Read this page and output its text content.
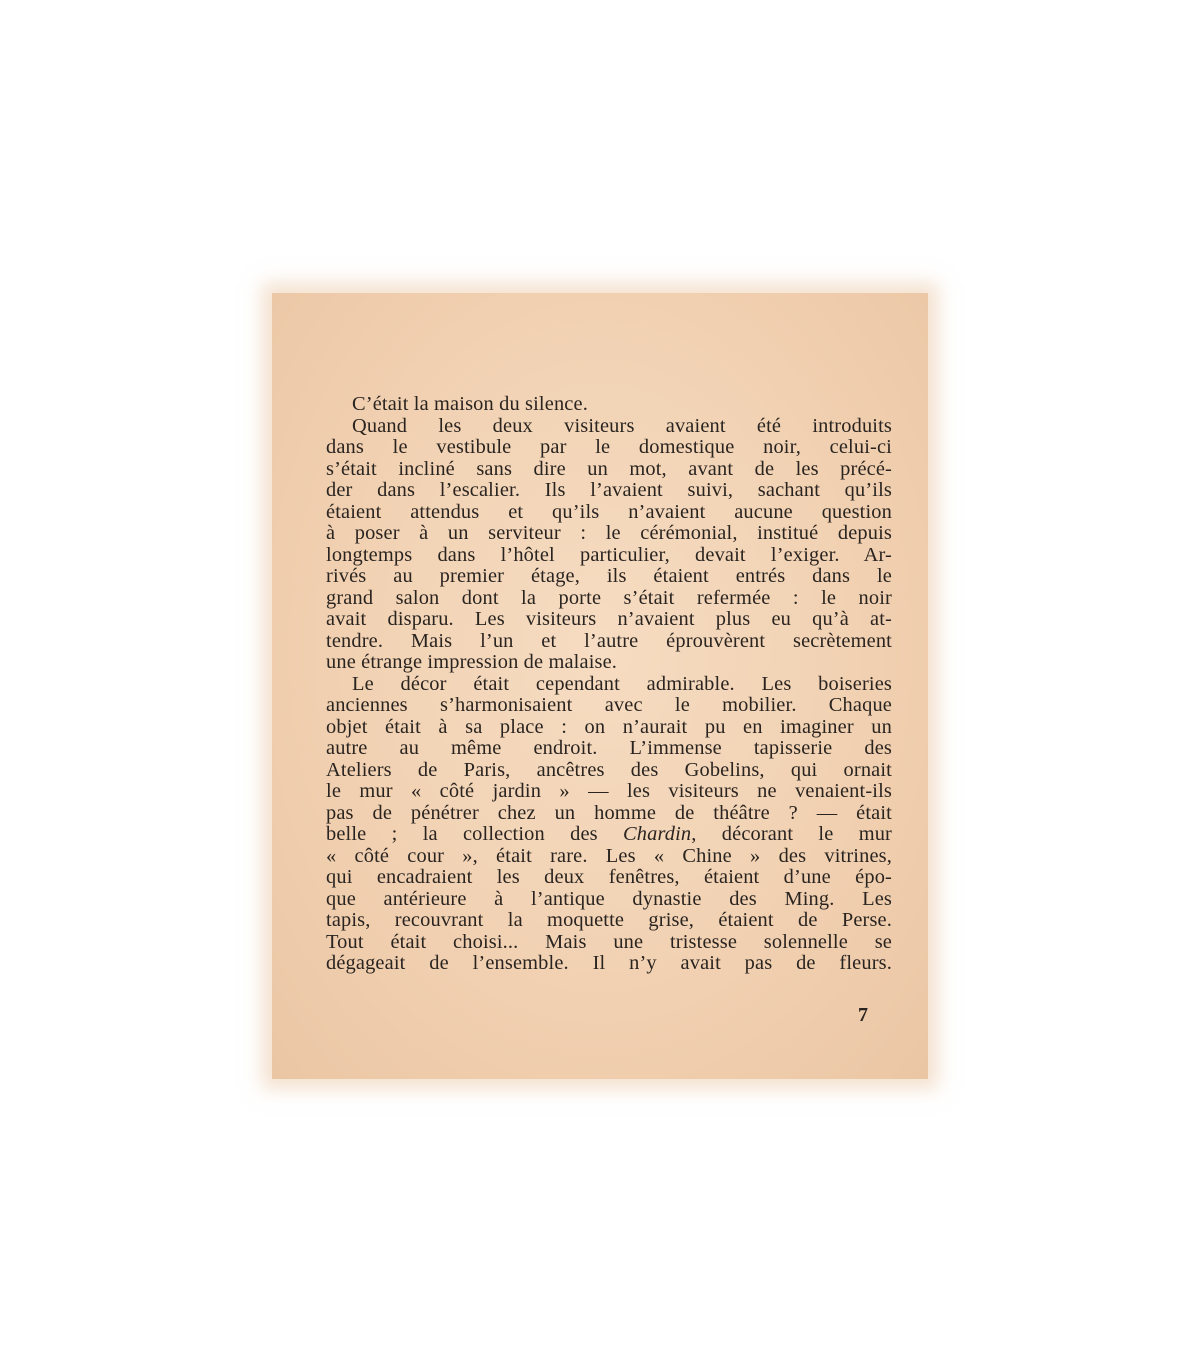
C’était la maison du silence.
Quand les deux visiteurs avaient été introduits
dans le vestibule par le domestique noir, celui-ci
s’était incliné sans dire un mot, avant de les précé-
der dans l’escalier. Ils l’avaient suivi, sachant qu’ils
étaient attendus et qu’ils n’avaient aucune question
à poser à un serviteur : le cérémonial, institué depuis
longtemps dans l’hôtel particulier, devait l’exiger. Ar-
rivés au premier étage, ils étaient entrés dans le
grand salon dont la porte s’était refermée : le noir
avait disparu. Les visiteurs n’avaient plus eu qu’à at-
tendre. Mais l’un et l’autre éprouvèrent secrètement
une étrange impression de malaise.
Le décor était cependant admirable. Les boiseries
anciennes s’harmonisaient avec le mobilier. Chaque
objet était à sa place : on n’aurait pu en imaginer un
autre au même endroit. L’immense tapisserie des
Ateliers de Paris, ancêtres des Gobelins, qui ornait
le mur « côté jardin » — les visiteurs ne venaient-ils
pas de pénétrer chez un homme de théâtre ? — était
belle ; la collection des Chardin, décorant le mur
« côté cour », était rare. Les « Chine » des vitrines,
qui encadraient les deux fenêtres, étaient d’une épo-
que antérieure à l’antique dynastie des Ming. Les
tapis, recouvrant la moquette grise, étaient de Perse.
Tout était choisi... Mais une tristesse solennelle se
dégageait de l’ensemble. Il n’y avait pas de fleurs.
7
